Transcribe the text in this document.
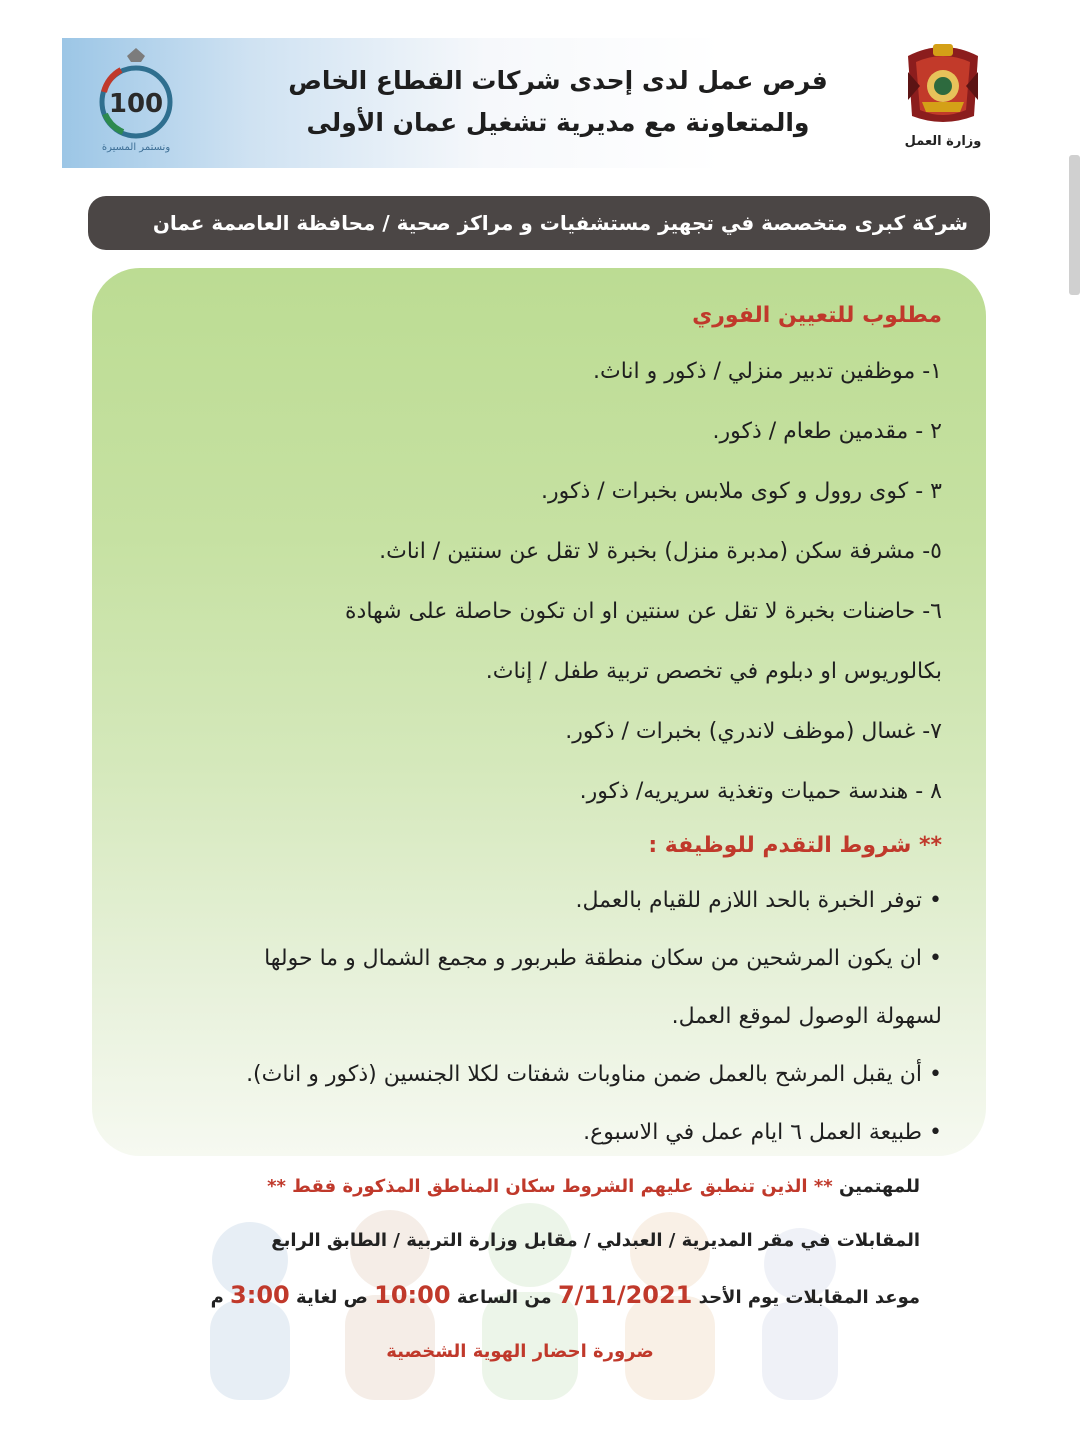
وزارة العمل
فرص عمل لدى إحدى شركات القطاع الخاص
والمتعاونة مع مديرية تشغيل عمان الأولى
100
ونستمر المسيرة
شركة كبرى متخصصة في تجهيز مستشفيات و مراكز صحية / محافظة العاصمة عمان
مطلوب للتعيين الفوري
١- موظفين تدبير منزلي / ذكور و اناث.
٢ - مقدمين طعام / ذكور.
٣ - كوى روول و كوى ملابس بخبرات / ذكور.
٥- مشرفة سكن (مدبرة منزل) بخبرة لا تقل عن سنتين / اناث.
٦- حاضنات بخبرة لا تقل عن سنتين او ان تكون حاصلة على شهادة
بكالوريوس او دبلوم في تخصص تربية طفل / إناث.
٧- غسال (موظف لاندري) بخبرات / ذكور.
٨ - هندسة حميات وتغذية سريريه/ ذكور.
** شروط التقدم للوظيفة :
• توفر الخبرة بالحد اللازم للقيام بالعمل.
• ان يكون المرشحين من سكان منطقة طبربور و مجمع الشمال و ما حولها
لسهولة الوصول لموقع العمل.
• أن يقبل المرشح بالعمل ضمن مناوبات شفتات لكلا الجنسين (ذكور و اناث).
• طبيعة العمل ٦ ايام عمل في الاسبوع.
للمهتمين ** الذين تنطبق عليهم الشروط سكان المناطق المذكورة فقط **
المقابلات في مقر المديرية / العبدلي / مقابل وزارة التربية / الطابق الرابع
موعد المقابلات يوم الأحد 7/11/2021 من الساعة 10:00 ص لغاية 3:00 م
ضرورة احضار الهوية الشخصية
